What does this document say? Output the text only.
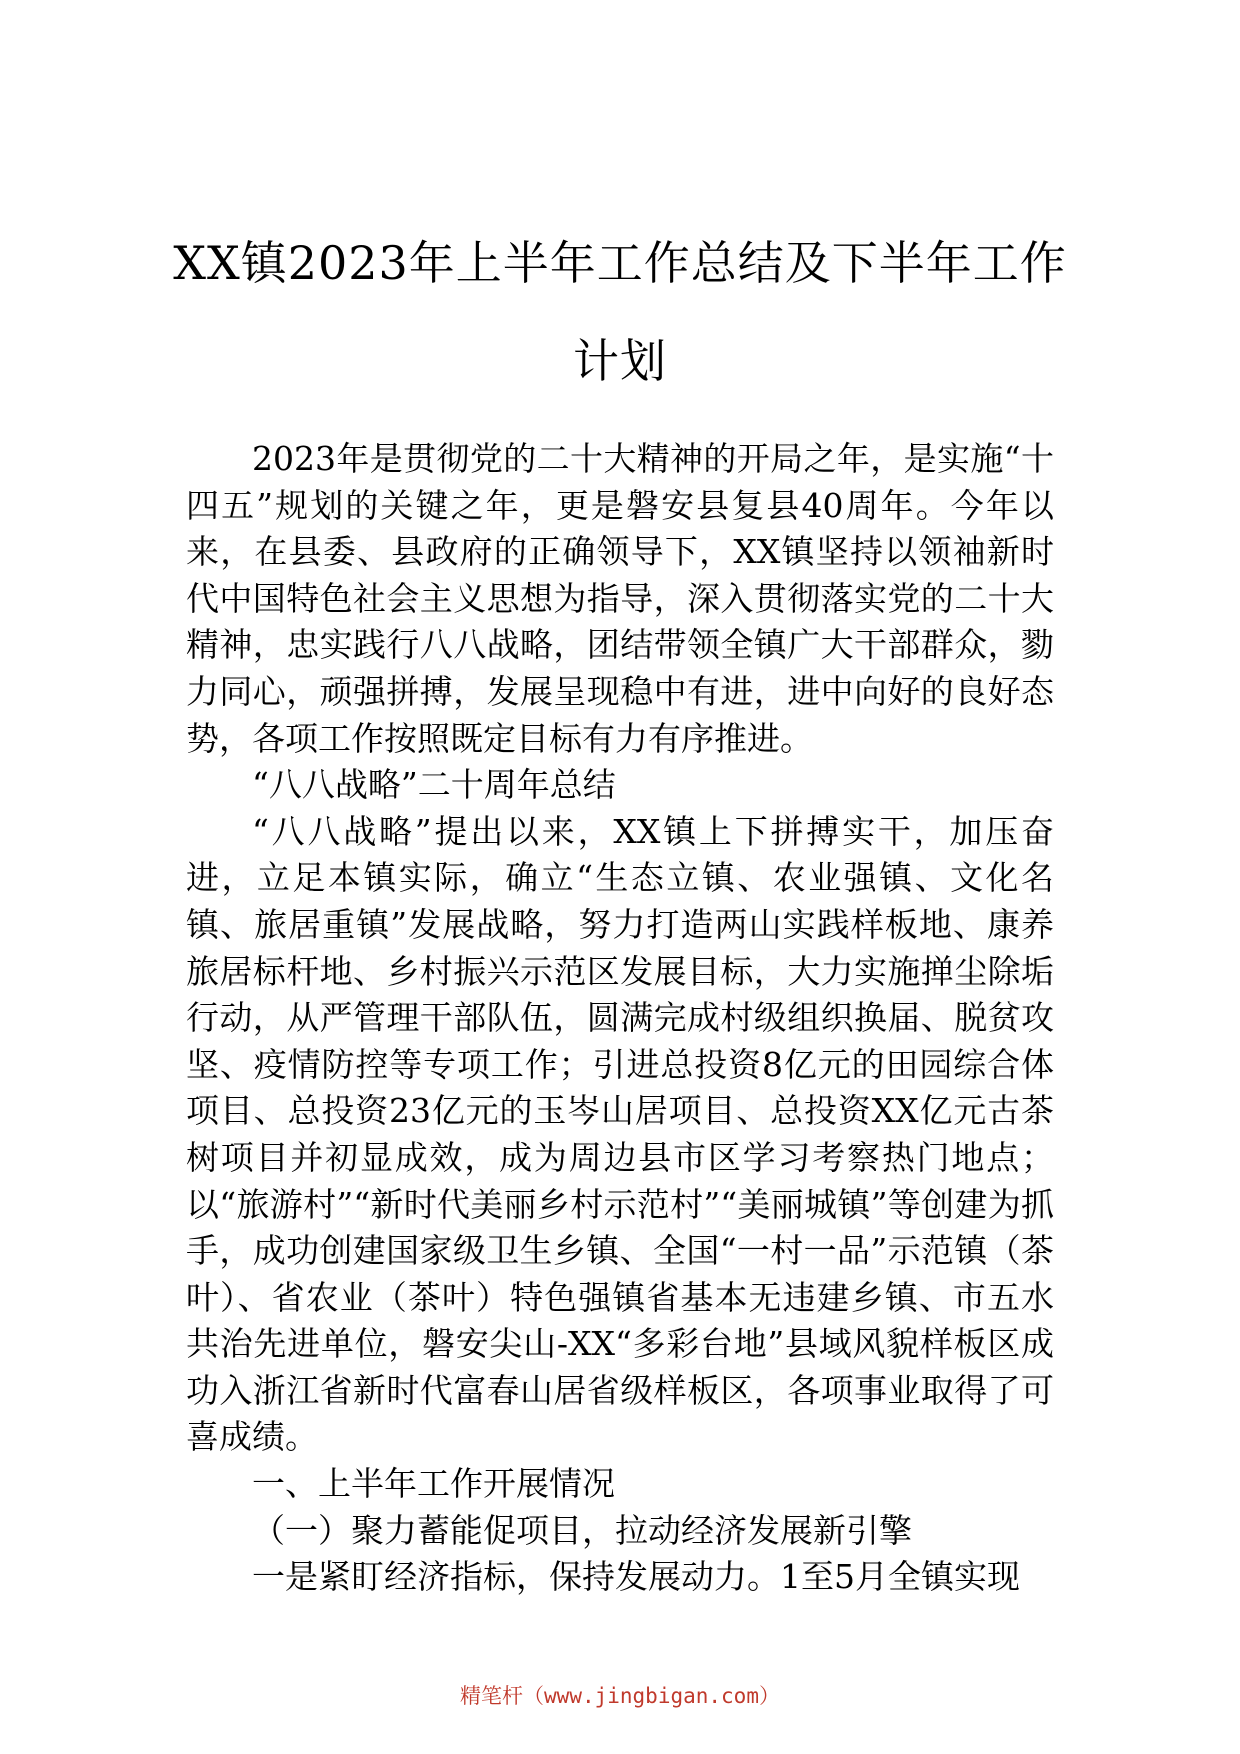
XX镇2023年上半年工作总结及下半年工作计划

2023年是贯彻党的二十大精神的开局之年，是实施“十四五”规划的关键之年，更是磐安县复县40周年。今年以来，在县委、县政府的正确领导下，XX镇坚持以领袖新时代中国特色社会主义思想为指导，深入贯彻落实党的二十大精神，忠实践行八八战略，团结带领全镇广大干部群众，勠力同心，顽强拼搏，发展呈现稳中有进，进中向好的良好态势，各项工作按照既定目标有力有序推进。

“八八战略”二十周年总结

“八八战略”提出以来，XX镇上下拼搏实干，加压奋进，立足本镇实际，确立“生态立镇、农业强镇、文化名镇、旅居重镇”发展战略，努力打造两山实践样板地、康养旅居标杆地、乡村振兴示范区发展目标，大力实施掸尘除垢行动，从严管理干部队伍，圆满完成村级组织换届、脱贫攻坚、疫情防控等专项工作；引进总投资8亿元的田园综合体项目、总投资23亿元的玉岑山居项目、总投资XX亿元古茶树项目并初显成效，成为周边县市区学习考察热门地点；以“旅游村”“新时代美丽乡村示范村”“美丽城镇”等创建为抓手，成功创建国家级卫生乡镇、全国“一村一品”示范镇（茶叶）、省农业（茶叶）特色强镇省基本无违建乡镇、市五水共治先进单位，磐安尖山-XX“多彩台地”县域风貌样板区成功入浙江省新时代富春山居省级样板区，各项事业取得了可喜成绩。

一、上半年工作开展情况

（一）聚力蓄能促项目，拉动经济发展新引擎

一是紧盯经济指标，保持发展动力。1至5月全镇实现

精笔杆（www.jingbigan.com）
